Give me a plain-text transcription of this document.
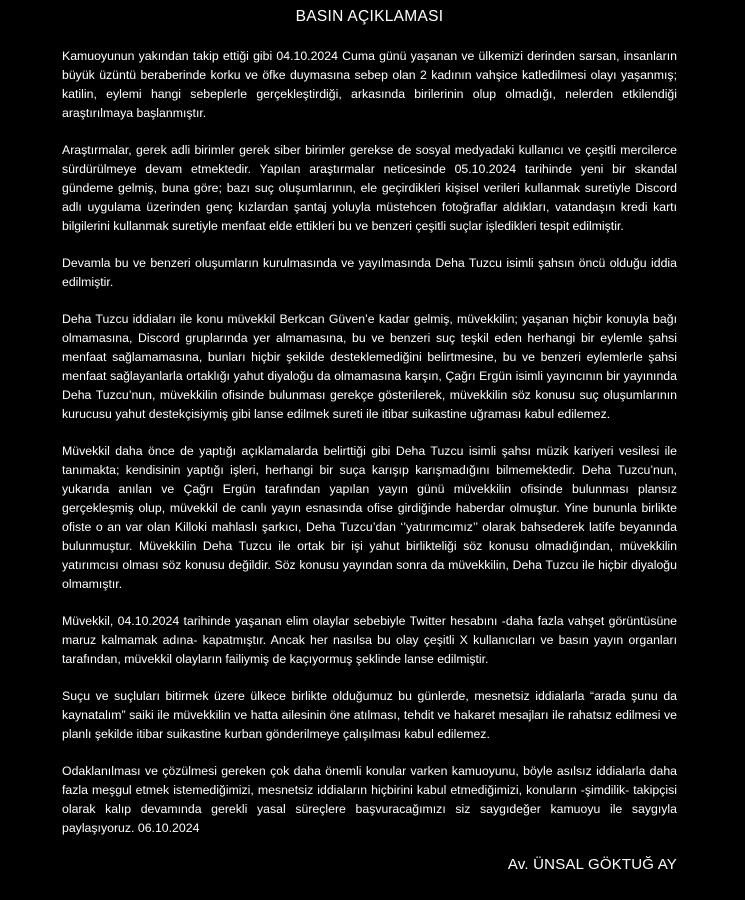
BASIN AÇIKLAMASI

Kamuoyunun yakından takip ettiği gibi 04.10.2024 Cuma günü yaşanan ve ülkemizi derinden sarsan, insanların büyük üzüntü beraberinde korku ve öfke duymasına sebep olan 2 kadının vahşice katledilmesi olayı yaşanmış; katilin, eylemi hangi sebeplerle gerçekleştirdiği, arkasında birilerinin olup olmadığı, nelerden etkilendiği araştırılmaya başlanmıştır.

Araştırmalar, gerek adli birimler gerek siber birimler gerekse de sosyal medyadaki kullanıcı ve çeşitli mercilerce sürdürülmeye devam etmektedir. Yapılan araştırmalar neticesinde 05.10.2024 tarihinde yeni bir skandal gündeme gelmiş, buna göre; bazı suç oluşumlarının, ele geçirdikleri kişisel verileri kullanmak suretiyle Discord adlı uygulama üzerinden genç kızlardan şantaj yoluyla müstehcen fotoğraflar aldıkları, vatandaşın kredi kartı bilgilerini kullanmak suretiyle menfaat elde ettikleri bu ve benzeri çeşitli suçlar işledikleri tespit edilmiştir.

Devamla bu ve benzeri oluşumların kurulmasında ve yayılmasında Deha Tuzcu isimli şahsın öncü olduğu iddia edilmiştir.

Deha Tuzcu iddiaları ile konu müvekkil Berkcan Güven’e kadar gelmiş, müvekkilin; yaşanan hiçbir konuyla bağı olmamasına, Discord gruplarında yer almamasına, bu ve benzeri suç teşkil eden herhangi bir eylemle şahsi menfaat sağlamamasına, bunları hiçbir şekilde desteklemediğini belirtmesine, bu ve benzeri eylemlerle şahsi menfaat sağlayanlarla ortaklığı yahut diyaloğu da olmamasına karşın, Çağrı Ergün isimli yayıncının bir yayınında Deha Tuzcu’nun, müvekkilin ofisinde bulunması gerekçe gösterilerek, müvekkilin söz konusu suç oluşumlarının kurucusu yahut destekçisiymiş gibi lanse edilmek sureti ile itibar suikastine uğraması kabul edilemez.

Müvekkil daha önce de yaptığı açıklamalarda belirttiği gibi Deha Tuzcu isimli şahsı müzik kariyeri vesilesi ile tanımakta; kendisinin yaptığı işleri, herhangi bir suça karışıp karışmadığını bilmemektedir. Deha Tuzcu’nun, yukarıda anılan ve Çağrı Ergün tarafından yapılan yayın günü müvekkilin ofisinde bulunması plansız gerçekleşmiş olup, müvekkil de canlı yayın esnasında ofise girdiğinde haberdar olmuştur. Yine bununla birlikte ofiste o an var olan Killoki mahlaslı şarkıcı, Deha Tuzcu’dan ‘’yatırımcımız’’ olarak bahsederek latife beyanında bulunmuştur. Müvekkilin Deha Tuzcu ile ortak bir işi yahut birlikteliği söz konusu olmadığından, müvekkilin yatırımcısı olması söz konusu değildir. Söz konusu yayından sonra da müvekkilin, Deha Tuzcu ile hiçbir diyaloğu olmamıştır.

Müvekkil, 04.10.2024 tarihinde yaşanan elim olaylar sebebiyle Twitter hesabını -daha fazla vahşet görüntüsüne maruz kalmamak adına- kapatmıştır. Ancak her nasılsa bu olay çeşitli X kullanıcıları ve basın yayın organları tarafından, müvekkil olayların failiymiş de kaçıyormuş şeklinde lanse edilmiştir.

Suçu ve suçluları bitirmek üzere ülkece birlikte olduğumuz bu günlerde, mesnetsiz iddialarla “arada şunu da kaynatalım” saiki ile müvekkilin ve hatta ailesinin öne atılması, tehdit ve hakaret mesajları ile rahatsız edilmesi ve planlı şekilde itibar suikastine kurban gönderilmeye çalışılması kabul edilemez.

Odaklanılması ve çözülmesi gereken çok daha önemli konular varken kamuoyunu, böyle asılsız iddialarla daha fazla meşgul etmek istemediğimizi, mesnetsiz iddiaların hiçbirini kabul etmediğimizi, konuların -şimdilik- takipçisi olarak kalıp devamında gerekli yasal süreçlere başvuracağımızı siz saygıdeğer kamuoyu ile saygıyla paylaşıyoruz. 06.10.2024

Av. ÜNSAL GÖKTUĞ AY
